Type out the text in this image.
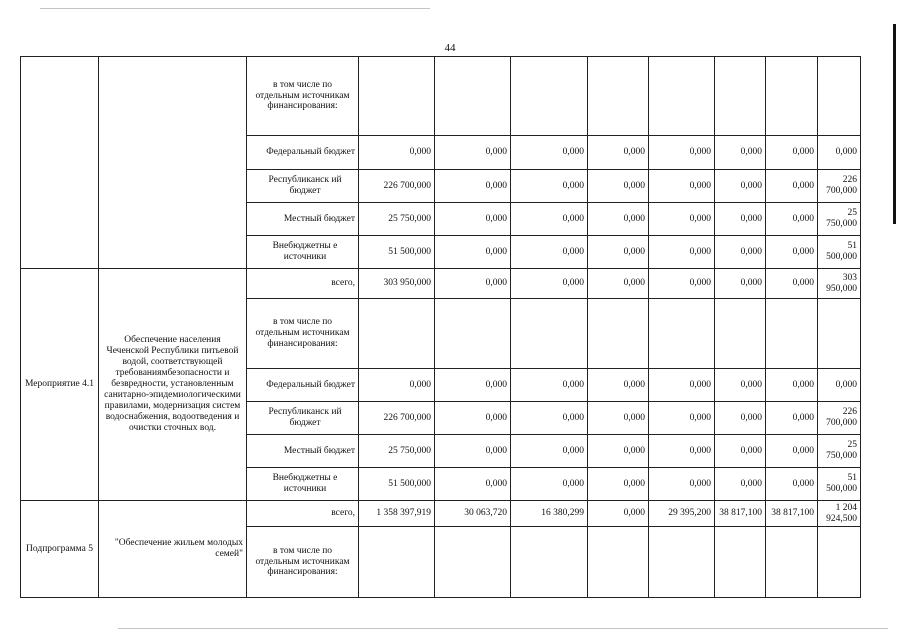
44
		в том числе по отдельным источникам финансирования:								
		Федеральный бюджет	0,000	0,000	0,000	0,000	0,000	0,000	0,000	0,000
		Республиканск ий бюджет	226 700,000	0,000	0,000	0,000	0,000	0,000	0,000	226 700,000
		Местный бюджет	25 750,000	0,000	0,000	0,000	0,000	0,000	0,000	25 750,000
		Внебюджетны е источники	51 500,000	0,000	0,000	0,000	0,000	0,000	0,000	51 500,000
Мероприятие 4.1	Обеспечение населения Чеченской Республики питьевой водой, соответствующей требованиямбезопасности и безвредности, установленным санитарно-эпидемиологическими правилами, модернизация систем водоснабжения, водоотведения и очистки сточных вод.	всего,	303 950,000	0,000	0,000	0,000	0,000	0,000	0,000	303 950,000
		в том числе по отдельным источникам финансирования:								
		Федеральный бюджет	0,000	0,000	0,000	0,000	0,000	0,000	0,000	0,000
		Республиканск ий бюджет	226 700,000	0,000	0,000	0,000	0,000	0,000	0,000	226 700,000
		Местный бюджет	25 750,000	0,000	0,000	0,000	0,000	0,000	0,000	25 750,000
		Внебюджетны е источники	51 500,000	0,000	0,000	0,000	0,000	0,000	0,000	51 500,000
Подпрограмма 5	"Обеспечение жильем молодых семей"	всего,	1 358 397,919	30 063,720	16 380,299	0,000	29 395,200	38 817,100	38 817,100	1 204 924,500
		в том числе по отдельным источникам финансирования:								
